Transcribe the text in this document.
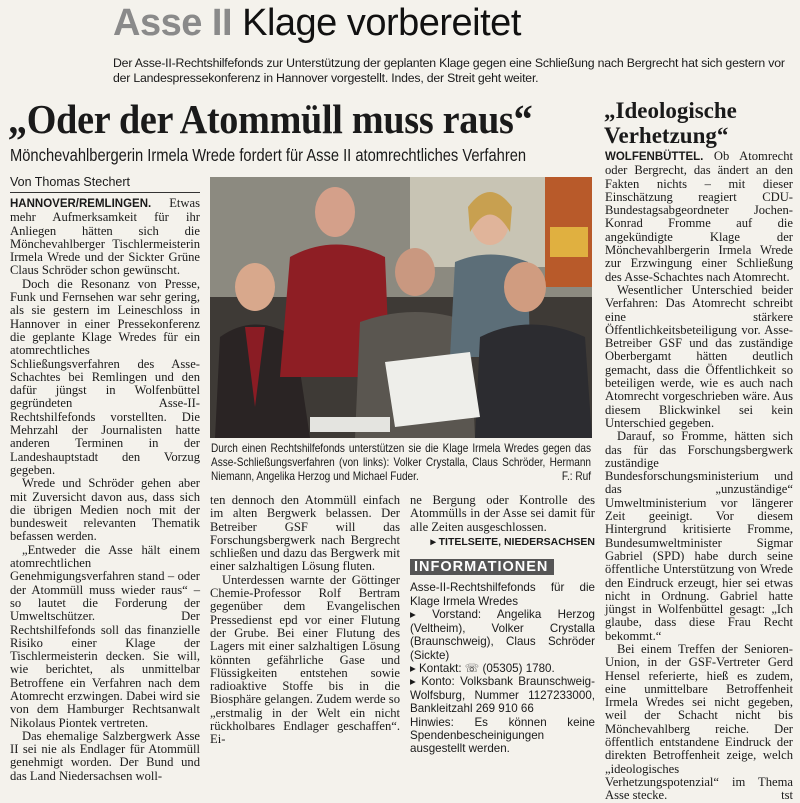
Asse II Klage vorbereitet
Der Asse-II-Rechtshilfefonds zur Unterstützung der geplanten Klage gegen eine Schließung nach Bergrecht hat sich gestern vor der Landespressekonferenz in Hannover vorgestellt. Indes, der Streit geht weiter.
„Oder der Atommüll muss raus“
Mönchevahlbergerin Irmela Wrede fordert für Asse II atomrechtliches Verfahren
„Ideologische Verhetzung“
Von Thomas Stechert

HANNOVER/REMLINGEN. Etwas mehr Aufmerksamkeit für ihr Anliegen hätten sich die Mönchevahlberger Tischlermeisterin Irmela Wrede und der Sickter Grüne Claus Schröder schon gewünscht.

Doch die Resonanz von Presse, Funk und Fernsehen war sehr gering, als sie gestern im Leineschloss in Hannover in einer Pressekonferenz die geplante Klage Wredes für ein atomrechtliches Schließungsverfahren des Asse-Schachtes bei Remlingen und den dafür jüngst in Wolfenbüttel gegründeten Asse-II-Rechtshilfefonds vorstellten. Die Mehrzahl der Journalisten hatte anderen Terminen in der Landeshauptstadt den Vorzug gegeben.

Wrede und Schröder gehen aber mit Zuversicht davon aus, dass sich die übrigen Medien noch mit der bundesweit relevanten Thematik befassen werden.

„Entweder die Asse hält einem atomrechtlichen Genehmigungsverfahren stand – oder der Atommüll muss wieder raus“ – so lautet die Forderung der Umweltschützer. Der Rechtshilfefonds soll das finanzielle Risiko einer Klage der Tischlermeisterin decken. Sie will, wie berichtet, als unmittelbar Betroffene ein Verfahren nach dem Atomrecht erzwingen. Dabei wird sie von dem Hamburger Rechtsanwalt Nikolaus Piontek vertreten.

Das ehemalige Salzbergwerk Asse II sei nie als Endlager für Atommüll genehmigt worden. Der Bund und das Land Niedersachsen woll-

Durch einen Rechtshilfefonds unterstützen sie die Klage Irmela Wredes gegen das Asse-Schließungsverfahren (von links): Volker Crystalla, Claus Schröder, Hermann Niemann, Angelika Herzog und Michael Fuder.	F.: Ruf

ten dennoch den Atommüll einfach im alten Bergwerk belassen. Der Betreiber GSF will das Forschungsbergwerk nach Bergrecht schließen und dazu das Bergwerk mit einer salzhaltigen Lösung fluten.

Unterdessen warnte der Göttinger Chemie-Professor Rolf Bertram gegenüber dem Evangelischen Pressedienst epd vor einer Flutung der Grube. Bei einer Flutung des Lagers mit einer salzhaltigen Lösung könnten gefährliche Gase und Flüssigkeiten entstehen sowie radioaktive Stoffe bis in die Biosphäre gelangen. Zudem werde so „erstmalig in der Welt ein nicht rückholbares Endlager geschaffen“. Ei-

ne Bergung oder Kontrolle des Atommülls in der Asse sei damit für alle Zeiten ausgeschlossen.

▸ TITELSEITE, NIEDERSACHSEN
INFORMATIONEN
Asse-II-Rechtshilfefonds für die Klage Irmela Wredes
▸ Vorstand: Angelika Herzog (Veltheim), Volker Crystalla (Braunschweig), Claus Schröder (Sickte)
▸ Kontakt: ☏ (05305) 1780.
▸ Konto: Volksbank Braunschweig-Wolfsburg, Nummer 1127233000, Bankleitzahl 269 910 66
Hinwies: Es können keine Spendenbescheinigungen ausgestellt werden.

WOLFENBÜTTEL. Ob Atomrecht oder Bergrecht, das ändert an den Fakten nichts – mit dieser Einschätzung reagiert CDU-Bundestagsabgeordneter Jochen-Konrad Fromme auf die angekündigte Klage der Mönchevahlbergerin Irmela Wrede zur Erzwingung einer Schließung des Asse-Schachtes nach Atomrecht.

Wesentlicher Unterschied beider Verfahren: Das Atomrecht schreibt eine stärkere Öffentlichkeitsbeteiligung vor. Asse-Betreiber GSF und das zuständige Oberbergamt hätten deutlich gemacht, dass die Öffentlichkeit so beteiligen werde, wie es auch nach Atomrecht vorgeschrieben wäre. Aus diesem Blickwinkel sei kein Unterschied gegeben.

Darauf, so Fromme, hätten sich das für das Forschungsbergwerk zuständige Bundesforschungsministerium und das „unzuständige“ Umweltministerium vor längerer Zeit geeinigt. Vor diesem Hintergrund kritisierte Fromme, Bundesumweltminister Sigmar Gabriel (SPD) habe durch seine öffentliche Unterstützung von Wrede den Eindruck erzeugt, hier sei etwas nicht in Ordnung. Gabriel hatte jüngst in Wolfenbüttel gesagt: „Ich glaube, dass diese Frau Recht bekommt.“

Bei einem Treffen der Senioren-Union, in der GSF-Vertreter Gerd Hensel referierte, hieß es zudem, eine unmittelbare Betroffenheit Irmela Wredes sei nicht gegeben, weil der Schacht nicht bis Mönchevahlberg reiche. Der öffentlich entstandene Eindruck der direkten Betroffenheit zeige, welch „ideologisches Verhetzungspotenzial“ im Thema Asse stecke.	tst
